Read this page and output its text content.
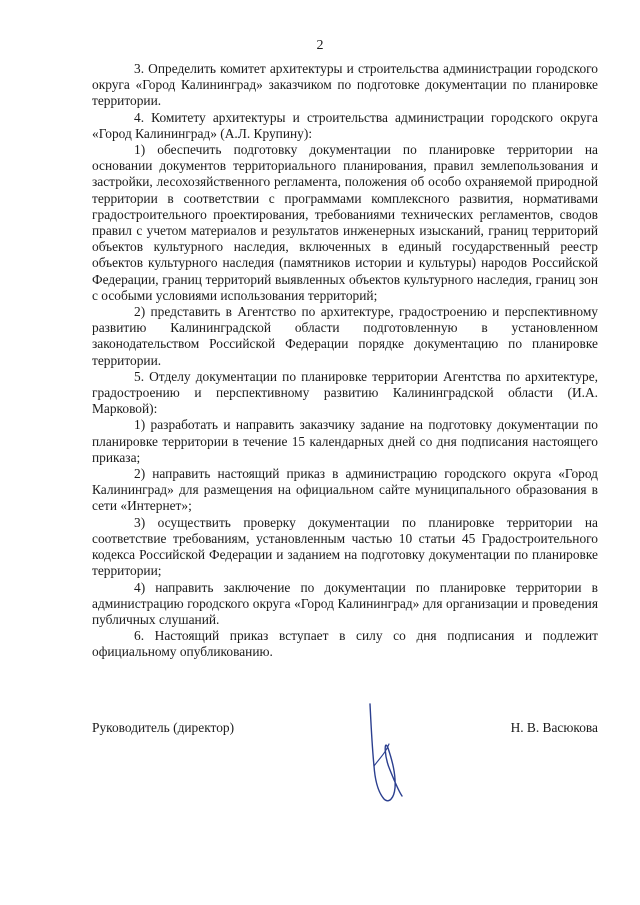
2

3. Определить комитет архитектуры и строительства администрации городского округа «Город Калининград» заказчиком по подготовке документации по планировке территории.

4. Комитету архитектуры и строительства администрации городского округа «Город Калининград» (А.Л. Крупину):

1) обеспечить подготовку документации по планировке территории на основании документов территориального планирования, правил землепользования и застройки, лесохозяйственного регламента, положения об особо охраняемой природной территории в соответствии с программами комплексного развития, нормативами градостроительного проектирования, требованиями технических регламентов, сводов правил с учетом материалов и результатов инженерных изысканий, границ территорий объектов культурного наследия, включенных в единый государственный реестр объектов культурного наследия (памятников истории и культуры) народов Российской Федерации, границ территорий выявленных объектов культурного наследия, границ зон с особыми условиями использования территорий;

2) представить в Агентство по архитектуре, градостроению и перспективному развитию Калининградской области подготовленную в установленном законодательством Российской Федерации порядке документацию по планировке территории.

5. Отделу документации по планировке территории Агентства по архитектуре, градостроению и перспективному развитию Калининградской области (И.А. Марковой):

1) разработать и направить заказчику задание на подготовку документации по планировке территории в течение 15 календарных дней со дня подписания настоящего приказа;

2) направить настоящий приказ в администрацию городского округа «Город Калининград» для размещения на официальном сайте муниципального образования в сети «Интернет»;

3) осуществить проверку документации по планировке территории на соответствие требованиям, установленным частью 10 статьи 45 Градостроительного кодекса Российской Федерации и заданием на подготовку документации по планировке территории;

4) направить заключение по документации по планировке территории в администрацию городского округа «Город Калининград» для организации и проведения публичных слушаний.

6. Настоящий приказ вступает в силу со дня подписания и подлежит официальному опубликованию.

Руководитель (директор)	Н. В. Васюкова
